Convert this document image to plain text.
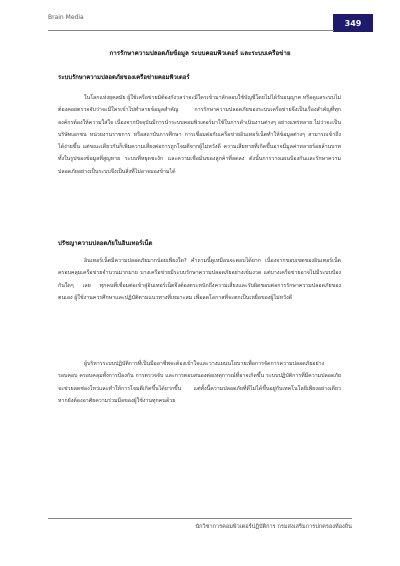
Brain Media
349
การรักษาความปลอดภัยข้อมูล ระบบคอมพิวเตอร์ และระบบเครือข่าย
ระบบรักษาความปลอดภัยของเครือข่ายคอมพิวเตอร์

ในโลกแห่งยุคสมัย ผู้ใช้เครือข่ายมิต้องกังวลว่าจะมีใครเข้ามาลักลอบใช้บัญชีโดยไม่ได้รับอนุญาต หรือดูแลระบบไม่ต้องคอยตรวจจับว่าจะมีใครเข้าไปทำลายข้อมูลสำคัญ การรักษาความปลอดภัยของระบบเครือข่ายจึงเป็นเรื่องสำคัญที่ทุกองค์กรต้องให้ความใส่ใจ เนื่องจากปัจจุบันมีการนำระบบคอมพิวเตอร์มาใช้ในการดำเนินงานต่างๆ อย่างแพร่หลาย ไม่ว่าจะเป็นบริษัทเอกชน หน่วยงานราชการ หรือสถาบันการศึกษา การเชื่อมต่อกับเครือข่ายอินเทอร์เน็ตทำให้ข้อมูลต่างๆ สามารถเข้าถึงได้ง่ายขึ้น แต่ขณะเดียวกันก็เพิ่มความเสี่ยงต่อการถูกโจมตีจากผู้ไม่หวังดี ความเสียหายที่เกิดขึ้นอาจมีมูลค่าหลายร้อยล้านบาท ทั้งในรูปของข้อมูลที่สูญหาย ระบบที่หยุดชะงัก และความเชื่อมั่นของลูกค้าที่ลดลง ดังนั้นการวางแผนป้องกันและรักษาความปลอดภัยอย่างเป็นระบบจึงเป็นสิ่งที่ไม่อาจมองข้ามได้

ปรัชญาความปลอดภัยในอินเทอร์เน็ต

อินเทอร์เน็ตมีความปลอดภัยมากน้อยเพียงใด? คำถามนี้ดูเหมือนจะตอบได้ยาก เนื่องจากขอบเขตของอินเทอร์เน็ตครอบคลุมเครือข่ายจำนวนมากมาย บางเครือข่ายมีระบบรักษาความปลอดภัยอย่างเข้มงวด แต่บางเครือข่ายอาจไม่มีระบบป้องกันใดๆ เลย ทุกคนที่เชื่อมต่อเข้าสู่อินเทอร์เน็ตจึงต้องตระหนักถึงความเสี่ยงและรับผิดชอบต่อการรักษาความปลอดภัยของตนเอง ผู้ใช้งานควรศึกษาและปฏิบัติตามแนวทางที่เหมาะสม เพื่อลดโอกาสที่จะตกเป็นเหยื่อของผู้ไม่หวังดี

ผู้บริหารระบบปฏิบัติการที่เป็นมืออาชีพจะต้องเข้าใจและวางแผนนโยบายเพื่อการจัดการความปลอดภัยอย่างรอบคอบ ครอบคลุมทั้งการป้องกัน การตรวจจับ และการตอบสนองต่อเหตุการณ์ที่อาจเกิดขึ้น ระบบปฏิบัติการที่มีความปลอดภัยจะช่วยลดช่องโหว่และทำให้การโจมตีเกิดขึ้นได้ยากขึ้น แต่ทั้งนี้ความปลอดภัยที่ดีไม่ได้ขึ้นอยู่กับเทคโนโลยีเพียงอย่างเดียว หากยังต้องอาศัยความร่วมมือของผู้ใช้งานทุกคนด้วย

นักวิชาการคอมพิวเตอร์ปฏิบัติการ กรมส่งเสริมการปกครองท้องถิ่น
